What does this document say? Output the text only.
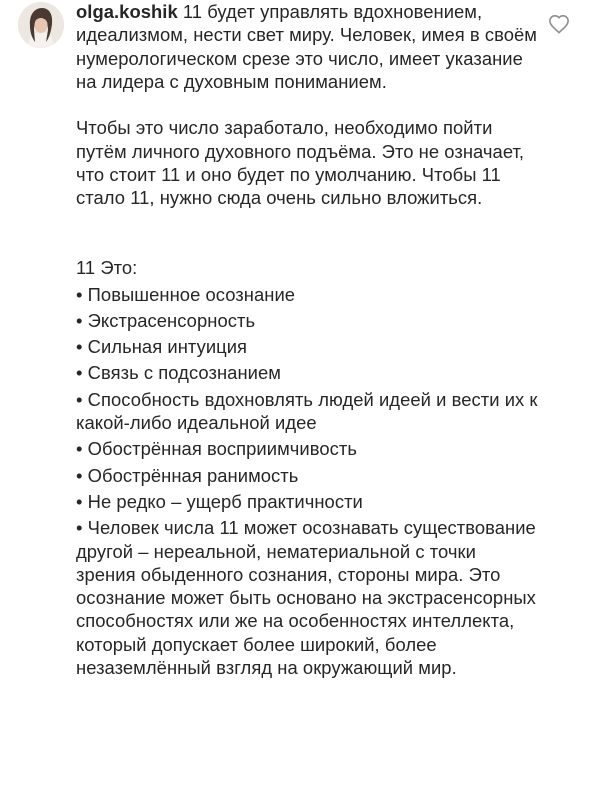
olga.koshik 11 будет управлять вдохновением, идеализмом, нести свет миру. Человек, имея в своём нумерологическом срезе это число, имеет указание на лидера с духовным пониманием.

Чтобы это число заработало, необходимо пойти путём личного духовного подъёма. Это не означает, что стоит 11 и оно будет по умолчанию. Чтобы 11 стало 11, нужно сюда очень сильно вложиться.

11 Это:

• Повышенное осознание
• Экстрасенсорность
• Сильная интуиция
• Связь с подсознанием
• Способность вдохновлять людей идеей и вести их к какой-либо идеальной идее
• Обострённая восприимчивость
• Обострённая ранимость
• Не редко – ущерб практичности
• Человек числа 11 может осознавать существование другой – нереальной, нематериальной с точки зрения обыденного сознания, стороны мира. Это осознание может быть основано на экстрасенсорных способностях или же на особенностях интеллекта, который допускает более широкий, более незаземлённый взгляд на окружающий мир.
